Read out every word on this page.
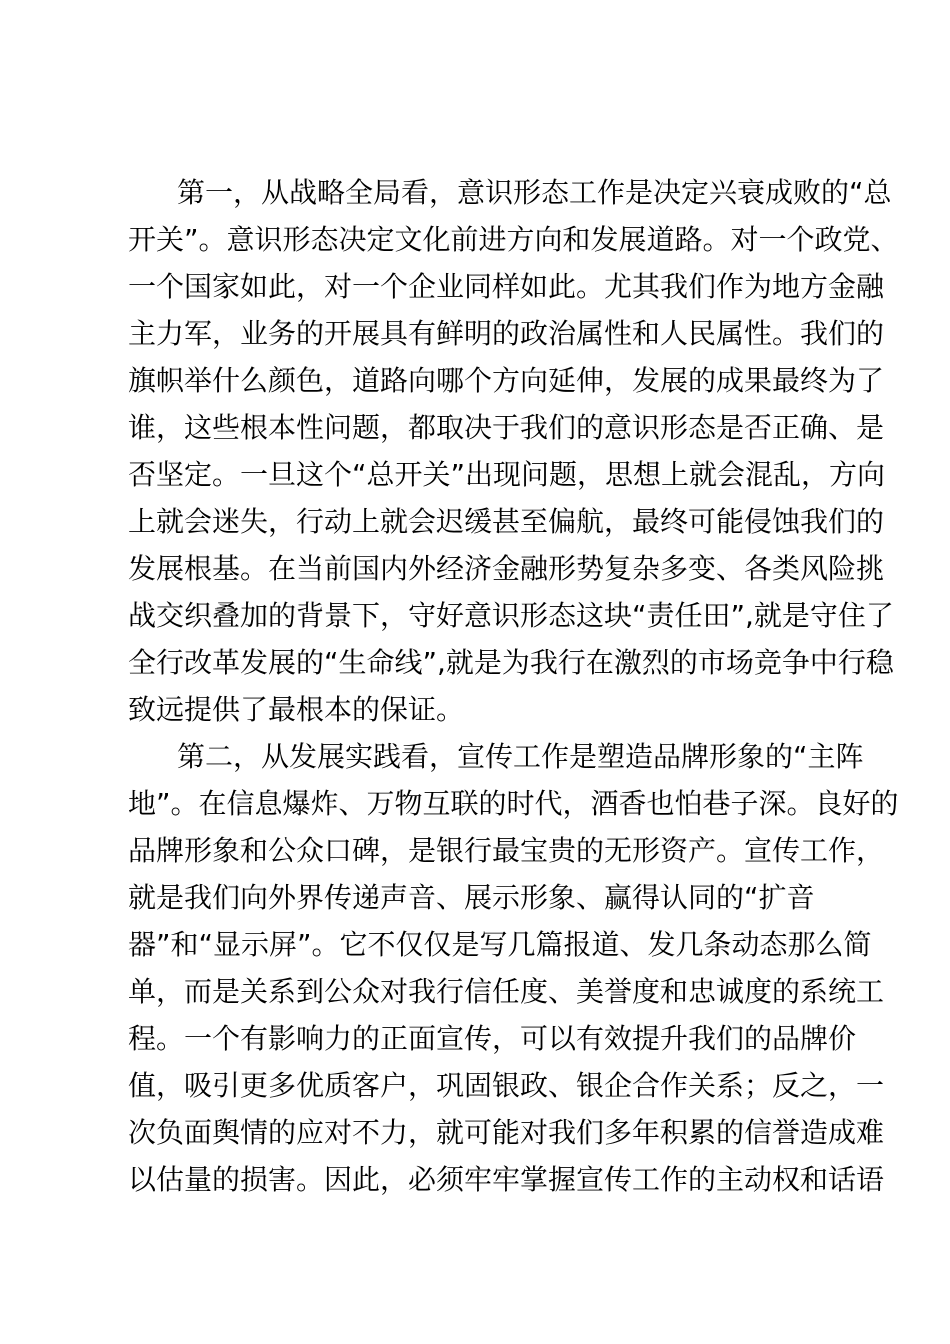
第一，从战略全局看，意识形态工作是决定兴衰成败的“总
开关”。意识形态决定文化前进方向和发展道路。对一个政党、
一个国家如此，对一个企业同样如此。尤其我们作为地方金融
主力军，业务的开展具有鲜明的政治属性和人民属性。我们的
旗帜举什么颜色，道路向哪个方向延伸，发展的成果最终为了
谁，这些根本性问题，都取决于我们的意识形态是否正确、是
否坚定。一旦这个“总开关”出现问题，思想上就会混乱，方向
上就会迷失，行动上就会迟缓甚至偏航，最终可能侵蚀我们的
发展根基。在当前国内外经济金融形势复杂多变、各类风险挑
战交织叠加的背景下，守好意识形态这块“责任田”,就是守住了
全行改革发展的“生命线”,就是为我行在激烈的市场竞争中行稳
致远提供了最根本的保证。
第二，从发展实践看，宣传工作是塑造品牌形象的“主阵
地”。在信息爆炸、万物互联的时代，酒香也怕巷子深。良好的
品牌形象和公众口碑，是银行最宝贵的无形资产。宣传工作，
就是我们向外界传递声音、展示形象、赢得认同的“扩音
器”和“显示屏”。它不仅仅是写几篇报道、发几条动态那么简
单，而是关系到公众对我行信任度、美誉度和忠诚度的系统工
程。一个有影响力的正面宣传，可以有效提升我们的品牌价
值，吸引更多优质客户，巩固银政、银企合作关系；反之，一
次负面舆情的应对不力，就可能对我们多年积累的信誉造成难
以估量的损害。因此，必须牢牢掌握宣传工作的主动权和话语
